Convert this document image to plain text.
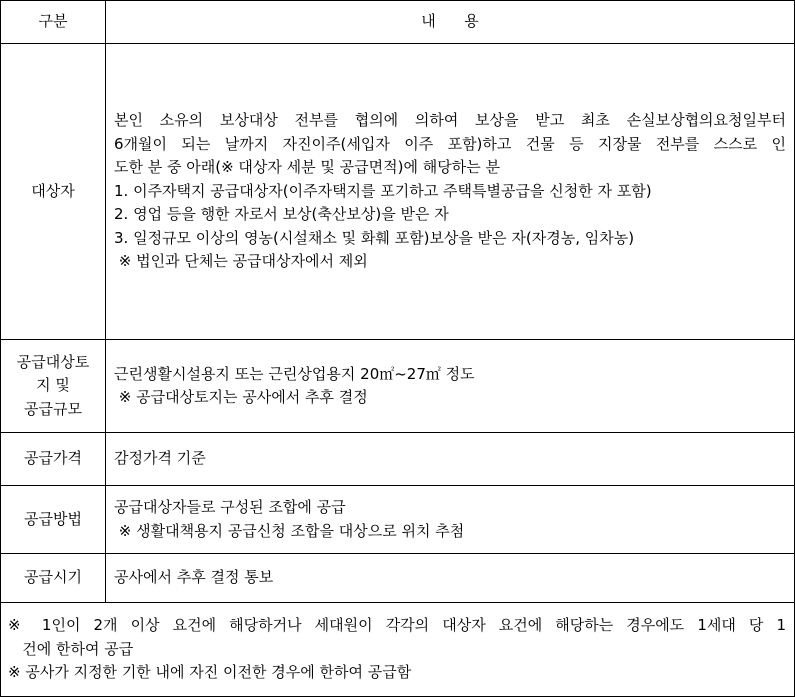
구분	내      용
대상자
본인 소유의 보상대상 전부를 협의에 의하여 보상을 받고 최초 손실보상협의요청일부터
6개월이 되는 날까지 자진이주(세입자 이주 포함)하고 건물 등 지장물 전부를 스스로 인
도한 분 중 아래(※ 대상자 세분 및 공급면적)에 해당하는 분
1. 이주자택지 공급대상자(이주자택지를 포기하고 주택특별공급을 신청한 자 포함)
2. 영업 등을 행한 자로서 보상(축산보상)을 받은 자
3. 일정규모 이상의 영농(시설채소 및 화훼 포함)보상을 받은 자(자경농, 임차농)
※ 법인과 단체는 공급대상자에서 제외
공급대상토
지 및
공급규모
근린생활시설용지 또는 근린상업용지 20㎡~27㎡ 정도
※ 공급대상토지는 공사에서 추후 결정
공급가격 감정가격 기준
공급방법
공급대상자들로 구성된 조합에 공급
※ 생활대책용지 공급신청 조합을 대상으로 위치 추첨
공급시기 공사에서 추후 결정 통보
※ 1인이 2개 이상 요건에 해당하거나 세대원이 각각의 대상자 요건에 해당하는 경우에도 1세대 당 1
건에 한하여 공급
※ 공사가 지정한 기한 내에 자진 이전한 경우에 한하여 공급함
